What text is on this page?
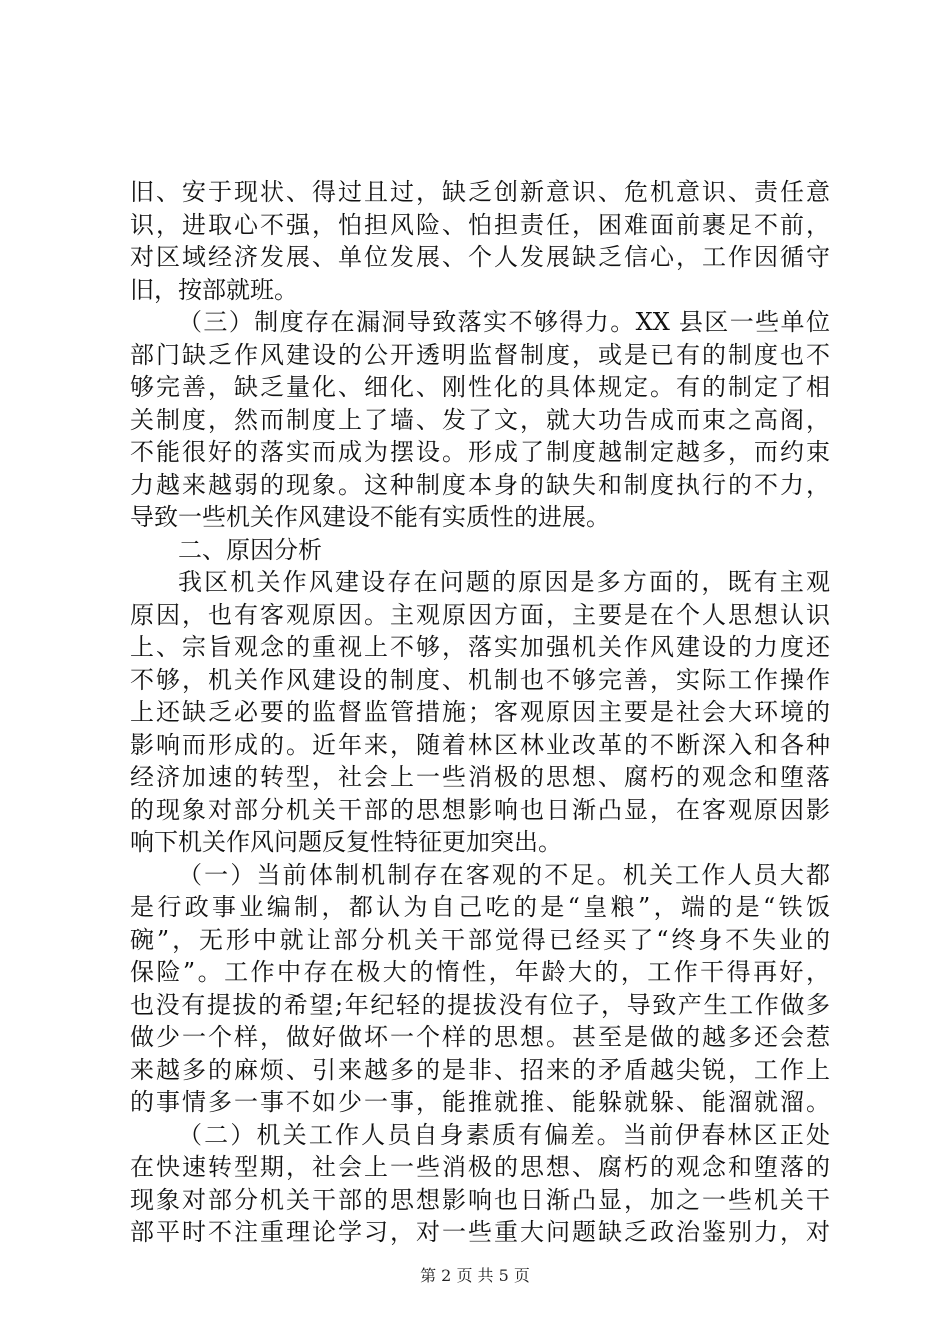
旧、安于现状、得过且过，缺乏创新意识、危机意识、责任意
识，进取心不强，怕担风险、怕担责任，困难面前裹足不前，
对区域经济发展、单位发展、个人发展缺乏信心，工作因循守
旧，按部就班。
（三）制度存在漏洞导致落实不够得力。XX 县区一些单位
部门缺乏作风建设的公开透明监督制度，或是已有的制度也不
够完善，缺乏量化、细化、刚性化的具体规定。有的制定了相
关制度，然而制度上了墙、发了文，就大功告成而束之高阁，
不能很好的落实而成为摆设。形成了制度越制定越多，而约束
力越来越弱的现象。这种制度本身的缺失和制度执行的不力，
导致一些机关作风建设不能有实质性的进展。
二、原因分析
我区机关作风建设存在问题的原因是多方面的，既有主观
原因，也有客观原因。主观原因方面，主要是在个人思想认识
上、宗旨观念的重视上不够，落实加强机关作风建设的力度还
不够，机关作风建设的制度、机制也不够完善，实际工作操作
上还缺乏必要的监督监管措施；客观原因主要是社会大环境的
影响而形成的。近年来，随着林区林业改革的不断深入和各种
经济加速的转型，社会上一些消极的思想、腐朽的观念和堕落
的现象对部分机关干部的思想影响也日渐凸显，在客观原因影
响下机关作风问题反复性特征更加突出。
（一）当前体制机制存在客观的不足。机关工作人员大都
是行政事业编制，都认为自己吃的是“皇粮”，端的是“铁饭
碗”，无形中就让部分机关干部觉得已经买了“终身不失业的
保险”。工作中存在极大的惰性，年龄大的，工作干得再好，
也没有提拔的希望;年纪轻的提拔没有位子，导致产生工作做多
做少一个样，做好做坏一个样的思想。甚至是做的越多还会惹
来越多的麻烦、引来越多的是非、招来的矛盾越尖锐，工作上
的事情多一事不如少一事，能推就推、能躲就躲、能溜就溜。
（二）机关工作人员自身素质有偏差。当前伊春林区正处
在快速转型期，社会上一些消极的思想、腐朽的观念和堕落的
现象对部分机关干部的思想影响也日渐凸显，加之一些机关干
部平时不注重理论学习，对一些重大问题缺乏政治鉴别力，对
第 2 页 共 5 页
